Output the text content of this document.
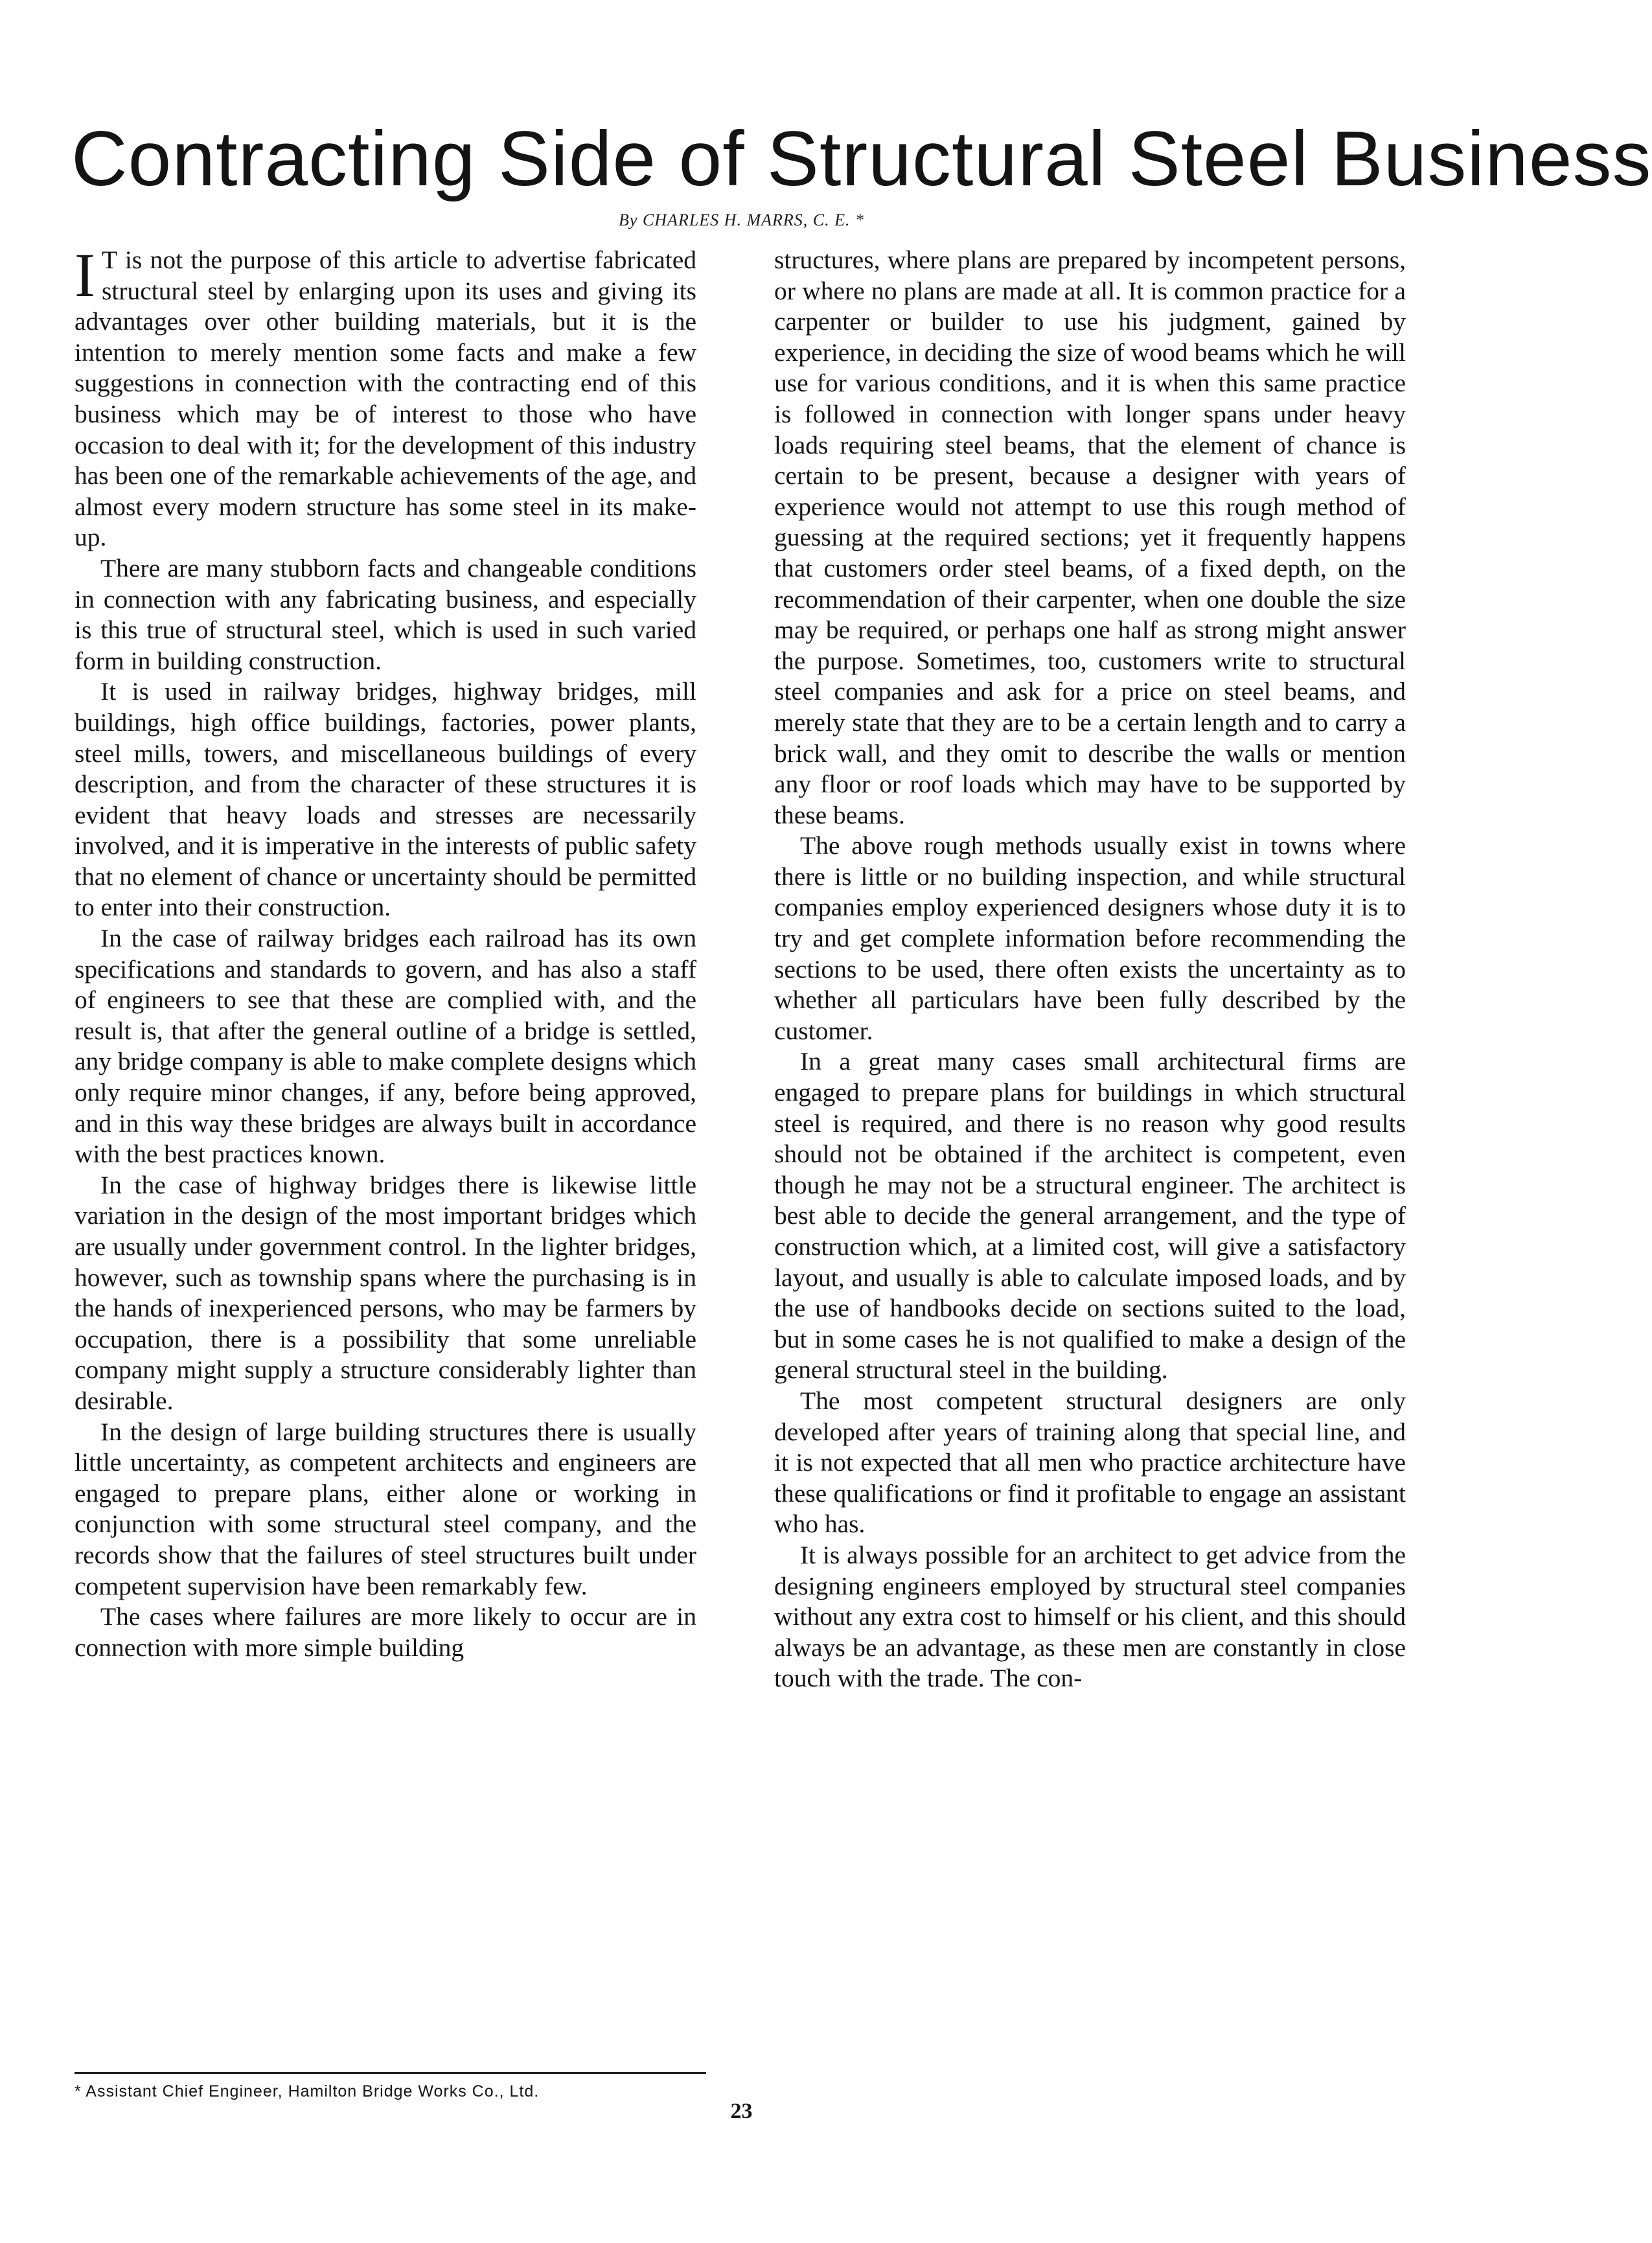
Contracting Side of Structural Steel Business
By CHARLES H. MARRS, C. E. *

I T is not the purpose of this article to advertise fabricated structural steel by enlarging upon its uses and giving its advantages over other building materials, but it is the intention to merely mention some facts and make a few suggestions in connection with the contracting end of this business which may be of interest to those who have occasion to deal with it; for the development of this industry has been one of the remarkable achievements of the age, and almost every modern structure has some steel in its make-up.

There are many stubborn facts and changeable conditions in connection with any fabricating business, and especially is this true of structural steel, which is used in such varied form in building construction.

It is used in railway bridges, highway bridges, mill buildings, high office buildings, factories, power plants, steel mills, towers, and miscellaneous buildings of every description, and from the character of these structures it is evident that heavy loads and stresses are necessarily involved, and it is imperative in the interests of public safety that no element of chance or uncertainty should be permitted to enter into their construction.

In the case of railway bridges each railroad has its own specifications and standards to govern, and has also a staff of engineers to see that these are complied with, and the result is, that after the general outline of a bridge is settled, any bridge company is able to make complete designs which only require minor changes, if any, before being approved, and in this way these bridges are always built in accordance with the best practices known.

In the case of highway bridges there is likewise little variation in the design of the most important bridges which are usually under government control. In the lighter bridges, however, such as township spans where the purchasing is in the hands of inexperienced persons, who may be farmers by occupation, there is a possibility that some unreliable company might supply a structure considerably lighter than desirable.

In the design of large building structures there is usually little uncertainty, as competent architects and engineers are engaged to prepare plans, either alone or working in conjunction with some structural steel company, and the records show that the failures of steel structures built under competent supervision have been remarkably few.

The cases where failures are more likely to occur are in connection with more simple building

structures, where plans are prepared by incompetent persons, or where no plans are made at all. It is common practice for a carpenter or builder to use his judgment, gained by experience, in deciding the size of wood beams which he will use for various conditions, and it is when this same practice is followed in connection with longer spans under heavy loads requiring steel beams, that the element of chance is certain to be present, because a designer with years of experience would not attempt to use this rough method of guessing at the required sections; yet it frequently happens that customers order steel beams, of a fixed depth, on the recommendation of their carpenter, when one double the size may be required, or perhaps one half as strong might answer the purpose. Sometimes, too, customers write to structural steel companies and ask for a price on steel beams, and merely state that they are to be a certain length and to carry a brick wall, and they omit to describe the walls or mention any floor or roof loads which may have to be supported by these beams.

The above rough methods usually exist in towns where there is little or no building inspection, and while structural companies employ experienced designers whose duty it is to try and get complete information before recommending the sections to be used, there often exists the uncertainty as to whether all particulars have been fully described by the customer.

In a great many cases small architectural firms are engaged to prepare plans for buildings in which structural steel is required, and there is no reason why good results should not be obtained if the architect is competent, even though he may not be a structural engineer. The architect is best able to decide the general arrangement, and the type of construction which, at a limited cost, will give a satisfactory layout, and usually is able to calculate imposed loads, and by the use of handbooks decide on sections suited to the load, but in some cases he is not qualified to make a design of the general structural steel in the building.

The most competent structural designers are only developed after years of training along that special line, and it is not expected that all men who practice architecture have these qualifications or find it profitable to engage an assistant who has.

It is always possible for an architect to get advice from the designing engineers employed by structural steel companies without any extra cost to himself or his client, and this should always be an advantage, as these men are constantly in close touch with the trade. The con-

* Assistant Chief Engineer, Hamilton Bridge Works Co., Ltd.
23
